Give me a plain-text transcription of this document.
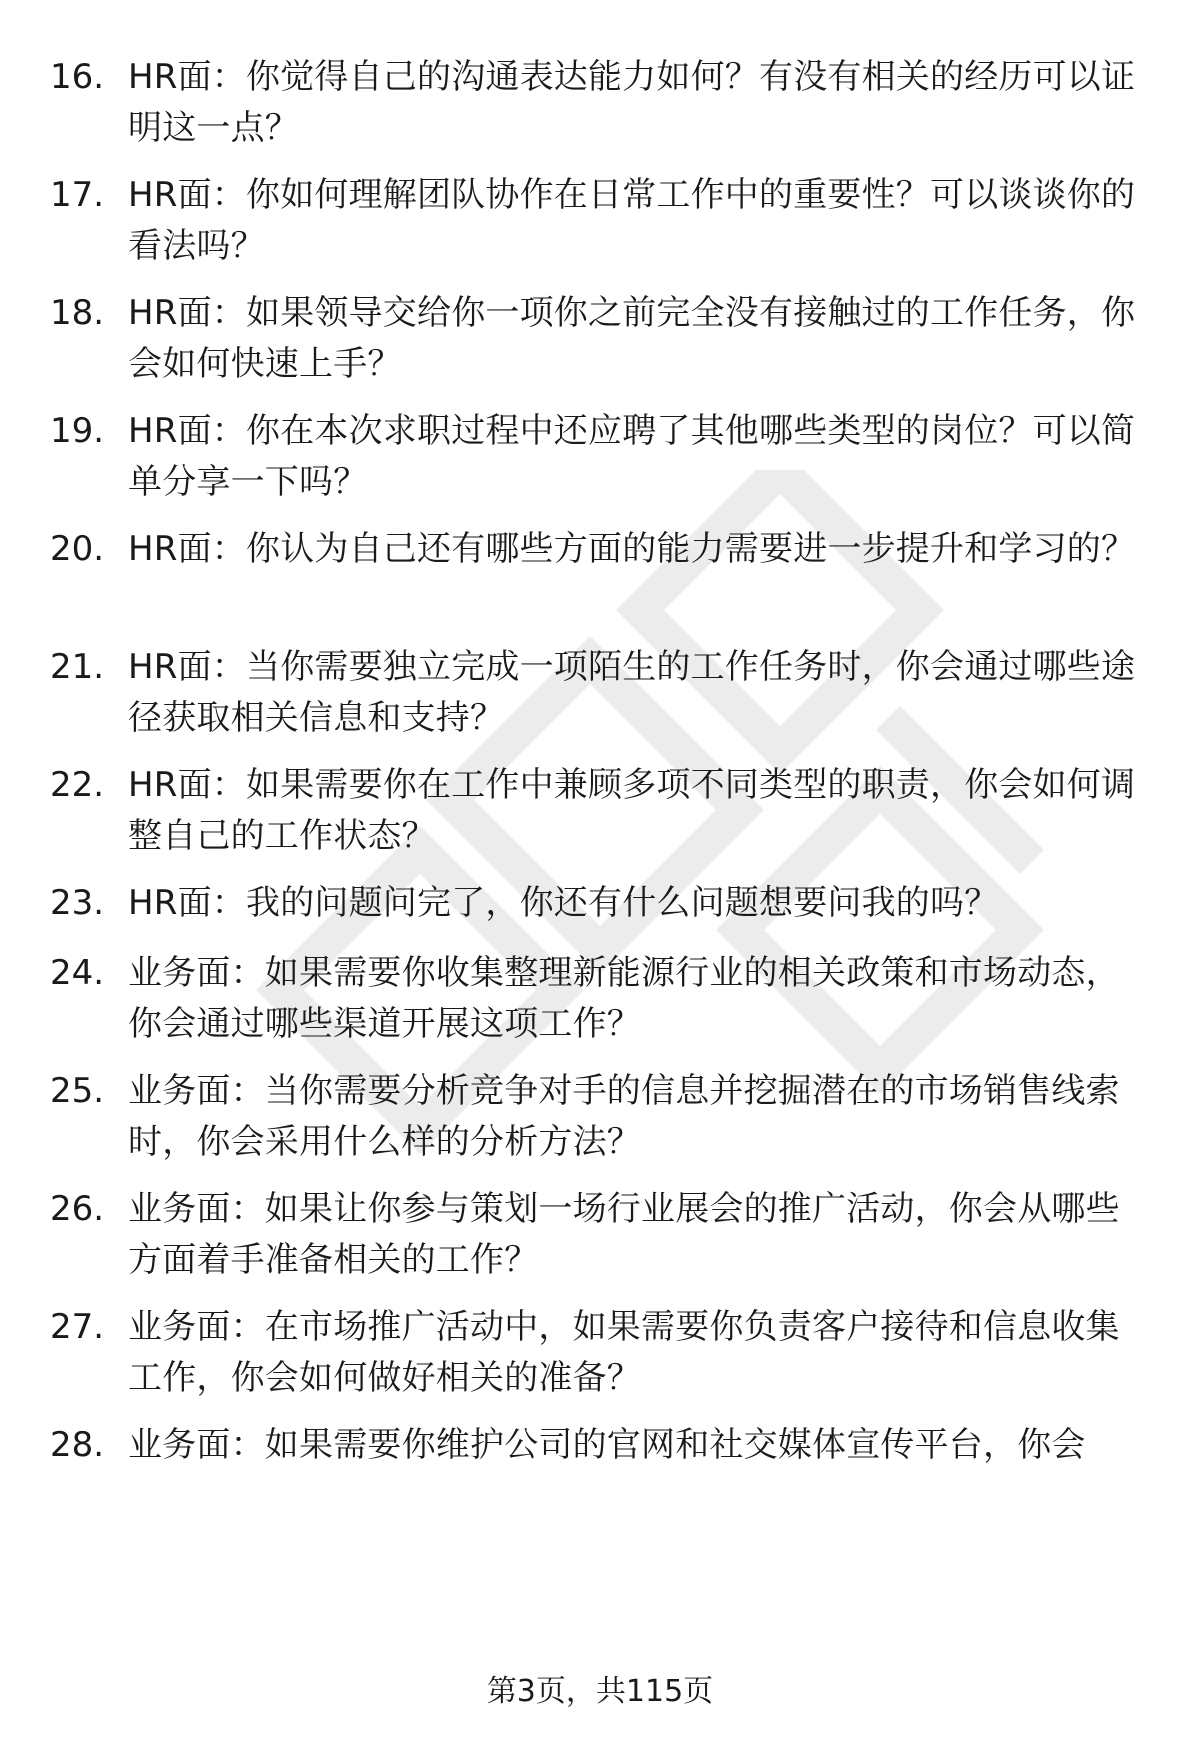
16. HR面：你觉得自己的沟通表达能力如何？有没有相关的经历可以证明这一点？
17. HR面：你如何理解团队协作在日常工作中的重要性？可以谈谈你的看法吗？
18. HR面：如果领导交给你一项你之前完全没有接触过的工作任务，你会如何快速上手？
19. HR面：你在本次求职过程中还应聘了其他哪些类型的岗位？可以简单分享一下吗？
20. HR面：你认为自己还有哪些方面的能力需要进一步提升和学习的？
21. HR面：当你需要独立完成一项陌生的工作任务时，你会通过哪些途径获取相关信息和支持？
22. HR面：如果需要你在工作中兼顾多项不同类型的职责，你会如何调整自己的工作状态？
23. HR面：我的问题问完了，你还有什么问题想要问我的吗？
24. 业务面：如果需要你收集整理新能源行业的相关政策和市场动态，你会通过哪些渠道开展这项工作？
25. 业务面：当你需要分析竞争对手的信息并挖掘潜在的市场销售线索时，你会采用什么样的分析方法？
26. 业务面：如果让你参与策划一场行业展会的推广活动，你会从哪些方面着手准备相关的工作？
27. 业务面：在市场推广活动中，如果需要你负责客户接待和信息收集工作，你会如何做好相关的准备？
28. 业务面：如果需要你维护公司的官网和社交媒体宣传平台，你会
第3页，共115页
